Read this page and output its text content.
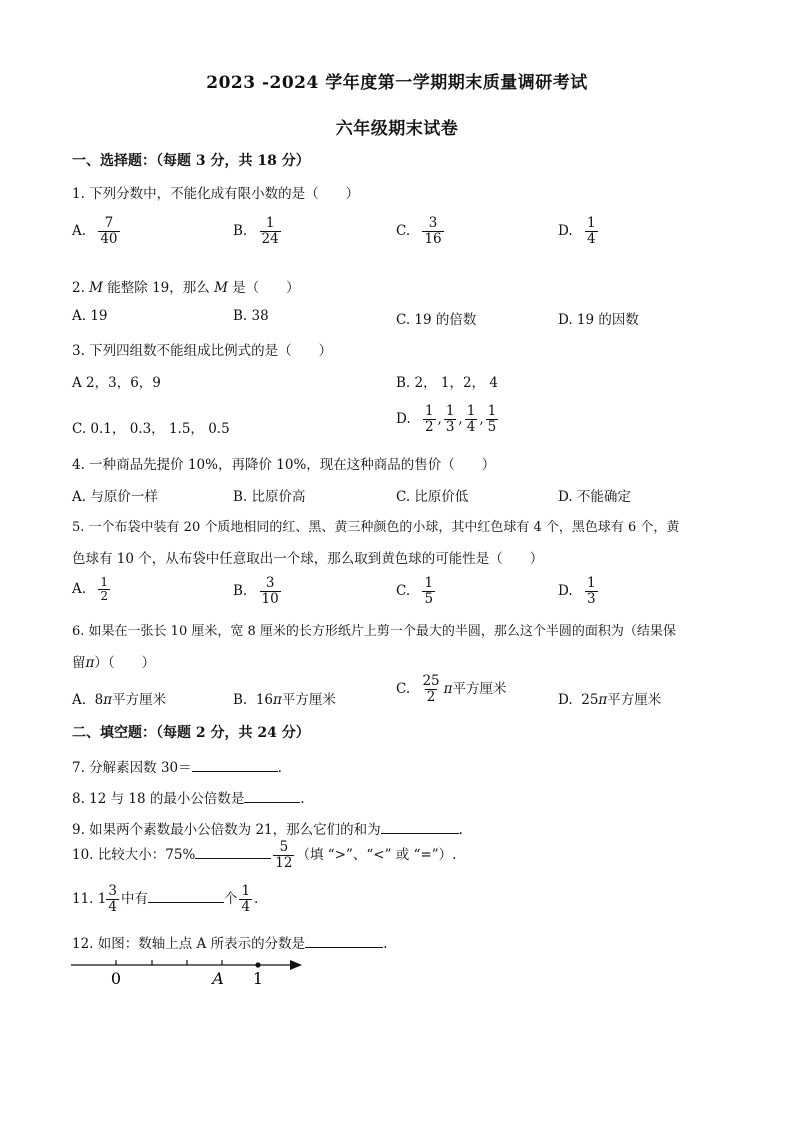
2023 -2024 学年度第一学期期末质量调研考试
六年级期末试卷
一、选择题：（每题 3 分，共 18 分）
1. 下列分数中，不能化成有限小数的是（　　）
A. $\frac{7}{40}$	B. $\frac{1}{24}$	C. $\frac{3}{16}$	D. $\frac{1}{4}$
2. M 能整除 19，那么 M 是（　　）
A. 19	B. 38	C. 19 的倍数	D. 19 的因数
3. 下列四组数不能组成比例式的是（　　）
A 2，3，6，9	B. 2， 1，2， 4
C. 0.1， 0.3， 1.5， 0.5
D. $\frac{1}{2}$ , $\frac{1}{3}$ , $\frac{1}{4}$ , $\frac{1}{5}$
4. 一种商品先提价 10%，再降价 10%，现在这种商品的售价（　　）
A. 与原价一样	B. 比原价高	C. 比原价低	D. 不能确定
5. 一个布袋中装有 20 个质地相同的红、黑、黄三种颜色的小球，其中红色球有 4 个，黑色球有 6 个，黄
色球有 10 个，从布袋中任意取出一个球，那么取到黄色球的可能性是（　　）
A. $\frac{1}{2}$	B. $\frac{3}{10}$	C. $\frac{1}{5}$	D. $\frac{1}{3}$
6. 如果在一张长 10 厘米，宽 8 厘米的长方形纸片上剪一个最大的半圆，那么这个半圆的面积为（结果保
留π）（　　）
A. 8π平方厘米	B. 16π平方厘米
C. $\frac{25}{2}$ π平方厘米
D. 25π平方厘米
二、填空题：（每题 2 分，共 24 分）
7. 分解素因数 30＝	.
8. 12 与 18 的最小公倍数是	.
9. 如果两个素数最小公倍数为 21，那么它们的和为	.
10. 比较大小：75%	$\frac{5}{12}$ （填 “>”、“<” 或 “=”）.
11. $1 \frac{3}{4}$ 中有	个 $\frac{1}{4}$ .
12. 如图：数轴上点 A 所表示的分数是	.
0	A 1
